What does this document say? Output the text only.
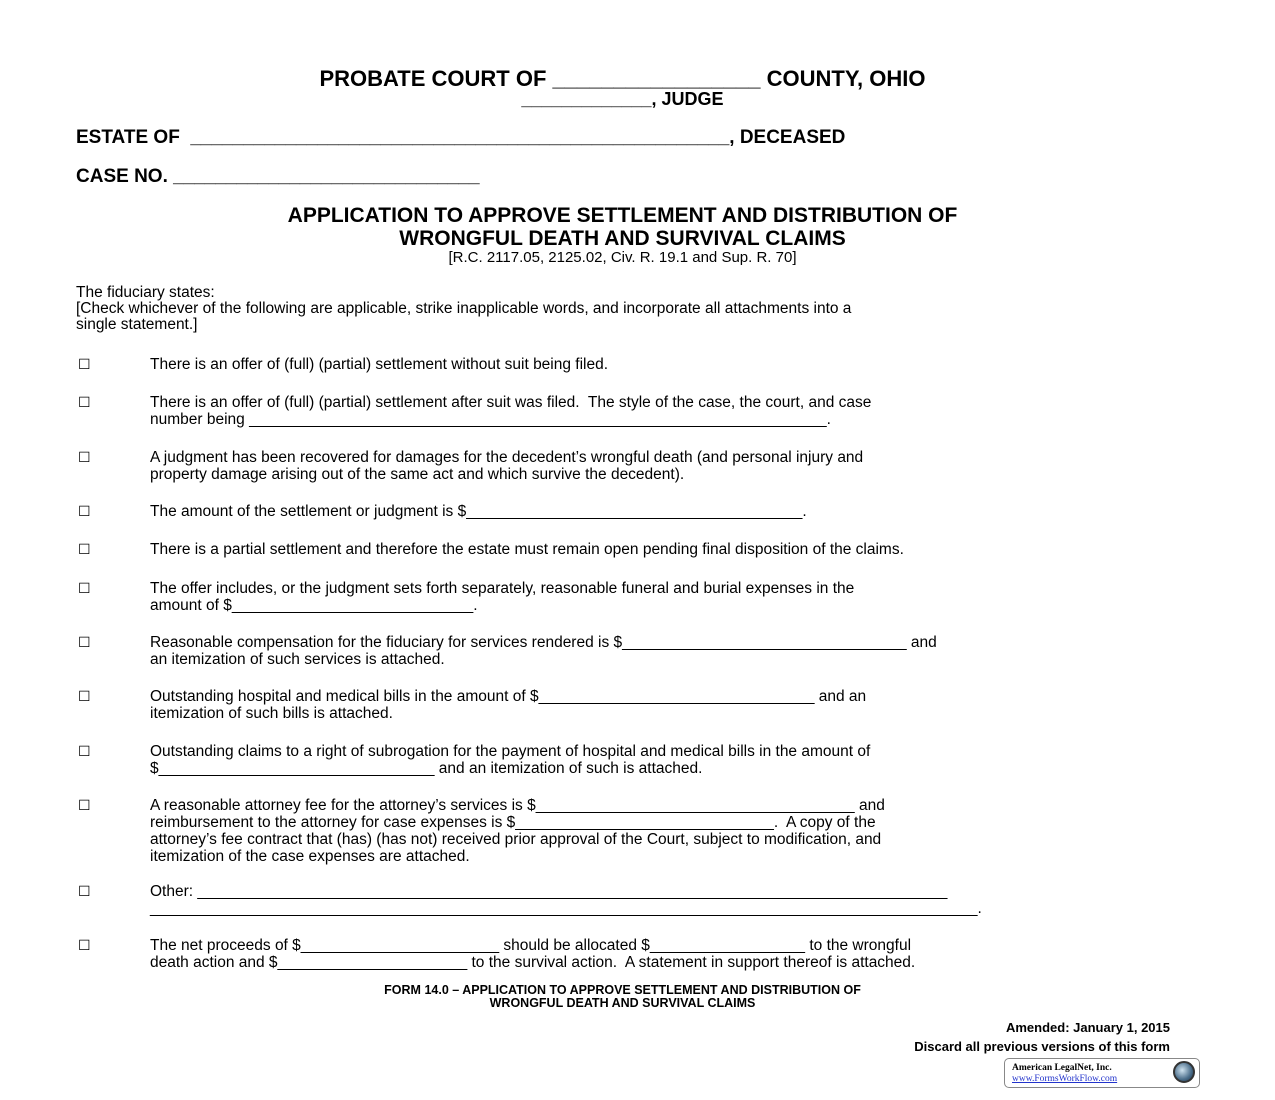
PROBATE COURT OF _________________ COUNTY, OHIO
_____________, JUDGE
ESTATE OF  ___________________________________________________, DECEASED
CASE NO. _____________________________
APPLICATION TO APPROVE SETTLEMENT AND DISTRIBUTION OF
WRONGFUL DEATH AND SURVIVAL CLAIMS
[R.C. 2117.05, 2125.02, Civ. R. 19.1 and Sup. R. 70]
The fiduciary states:
[Check whichever of the following are applicable, strike inapplicable words, and incorporate all attachments into a
single statement.]
☐	There is an offer of (full) (partial) settlement without suit being filed.
☐	There is an offer of (full) (partial) settlement after suit was filed.  The style of the case, the court, and case
number being ___________________________________________________________________.
☐	A judgment has been recovered for damages for the decedent’s wrongful death (and personal injury and
property damage arising out of the same act and which survive the decedent).
☐	The amount of the settlement or judgment is $_______________________________________.
☐	There is a partial settlement and therefore the estate must remain open pending final disposition of the claims.
☐	The offer includes, or the judgment sets forth separately, reasonable funeral and burial expenses in the
amount of $____________________________.
☐	Reasonable compensation for the fiduciary for services rendered is $_________________________________ and
an itemization of such services is attached.
☐	Outstanding hospital and medical bills in the amount of $________________________________ and an
itemization of such bills is attached.
☐	Outstanding claims to a right of subrogation for the payment of hospital and medical bills in the amount of
$________________________________ and an itemization of such is attached.
☐	A reasonable attorney fee for the attorney’s services is $_____________________________________ and
reimbursement to the attorney for case expenses is $______________________________.  A copy of the
attorney’s fee contract that (has) (has not) received prior approval of the Court, subject to modification, and
itemization of the case expenses are attached.
☐	Other: _______________________________________________________________________________________
________________________________________________________________________________________________.
☐	The net proceeds of $_______________________ should be allocated $__________________ to the wrongful
death action and $______________________ to the survival action.  A statement in support thereof is attached.
FORM 14.0 – APPLICATION TO APPROVE SETTLEMENT AND DISTRIBUTION OF
WRONGFUL DEATH AND SURVIVAL CLAIMS
Amended: January 1, 2015
Discard all previous versions of this form
American LegalNet, Inc.
www.FormsWorkFlow.com
